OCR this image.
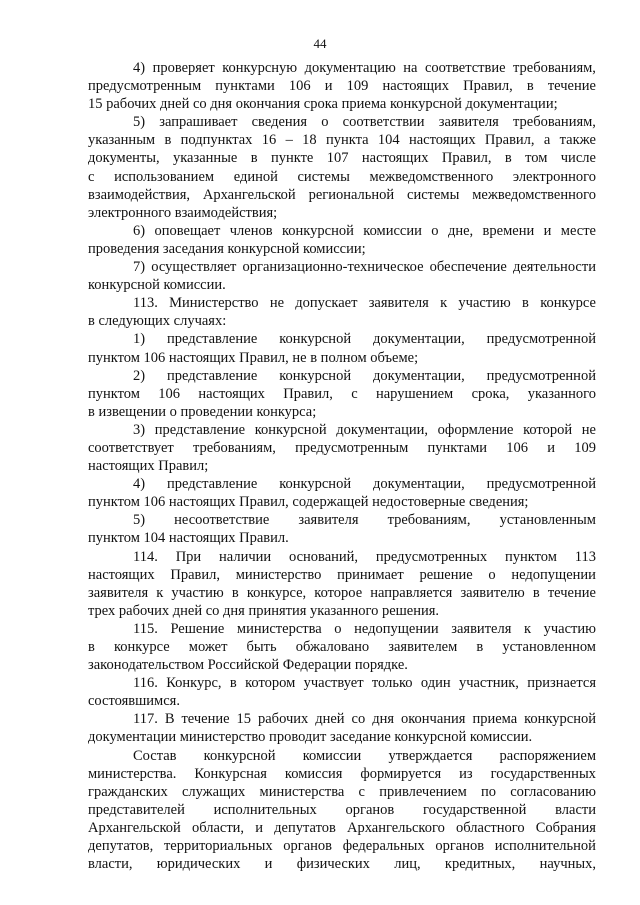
44
4) проверяет конкурсную документацию на соответствие требованиям,
предусмотренным пунктами 106 и 109 настоящих Правил, в течение
15 рабочих дней со дня окончания срока приема конкурсной документации;
5) запрашивает сведения о соответствии заявителя требованиям,
указанным в подпунктах 16 – 18 пункта 104 настоящих Правил, а также
документы, указанные в пункте 107 настоящих Правил, в том числе
с использованием единой системы межведомственного электронного
взаимодействия, Архангельской региональной системы межведомственного
электронного взаимодействия;
6) оповещает членов конкурсной комиссии о дне, времени и месте
проведения заседания конкурсной комиссии;
7) осуществляет организационно-техническое обеспечение деятельности
конкурсной комиссии.
113. Министерство не допускает заявителя к участию в конкурсе
в следующих случаях:
1) представление конкурсной документации, предусмотренной
пунктом 106 настоящих Правил, не в полном объеме;
2) представление конкурсной документации, предусмотренной
пунктом 106 настоящих Правил, с нарушением срока, указанного
в извещении о проведении конкурса;
3) представление конкурсной документации, оформление которой не
соответствует требованиям, предусмотренным пунктами 106 и 109
настоящих Правил;
4) представление конкурсной документации, предусмотренной
пунктом 106 настоящих Правил, содержащей недостоверные сведения;
5) несоответствие заявителя требованиям, установленным
пунктом 104 настоящих Правил.
114. При наличии оснований, предусмотренных пунктом 113
настоящих Правил, министерство принимает решение о недопущении
заявителя к участию в конкурсе, которое направляется заявителю в течение
трех рабочих дней со дня принятия указанного решения.
115. Решение министерства о недопущении заявителя к участию
в конкурсе может быть обжаловано заявителем в установленном
законодательством Российской Федерации порядке.
116. Конкурс, в котором участвует только один участник, признается
состоявшимся.
117. В течение 15 рабочих дней со дня окончания приема конкурсной
документации министерство проводит заседание конкурсной комиссии.
Состав конкурсной комиссии утверждается распоряжением
министерства. Конкурсная комиссия формируется из государственных
гражданских служащих министерства с привлечением по согласованию
представителей исполнительных органов государственной власти
Архангельской области, и депутатов Архангельского областного Собрания
депутатов, территориальных органов федеральных органов исполнительной
власти, юридических и физических лиц, кредитных, научных,
